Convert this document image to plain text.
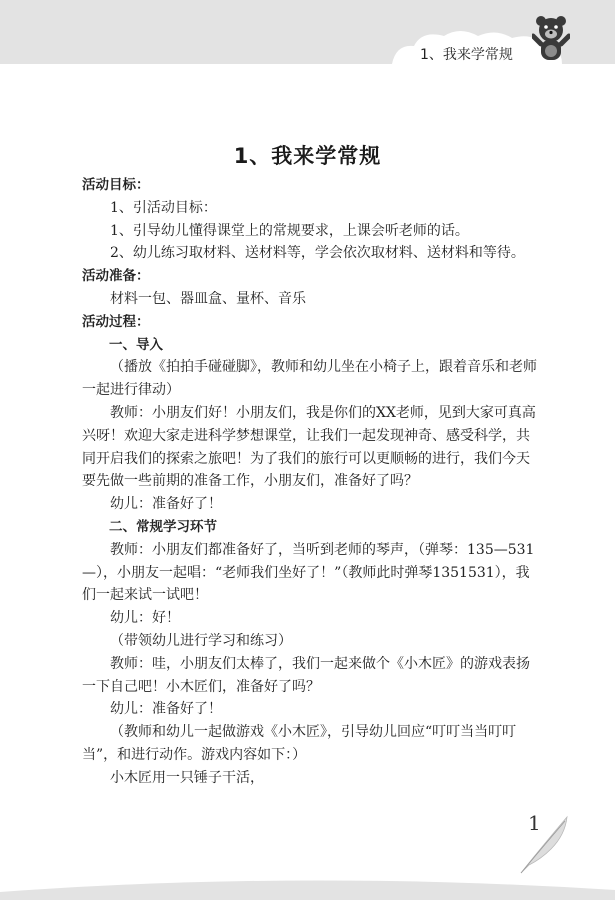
1、我来学常规
1、我来学常规

活动目标：

1、引活动目标：

1、引导幼儿懂得课堂上的常规要求，上课会听老师的话。

2、幼儿练习取材料、送材料等，学会依次取材料、送材料和等待。

活动准备：

材料一包、器皿盒、量杯、音乐

活动过程：

一、导入

（播放《拍拍手碰碰脚》，教师和幼儿坐在小椅子上，跟着音乐和老师一起进行律动）

教师：小朋友们好！小朋友们，我是你们的XX老师，见到大家可真高兴呀！欢迎大家走进科学梦想课堂，让我们一起发现神奇、感受科学，共同开启我们的探索之旅吧！为了我们的旅行可以更顺畅的进行，我们今天要先做一些前期的准备工作，小朋友们，准备好了吗？

幼儿：准备好了！

二、常规学习环节

教师：小朋友们都准备好了，当听到老师的琴声，（弹琴：135—531—），小朋友一起唱：“老师我们坐好了！”（教师此时弹琴1351531），我们一起来试一试吧！

幼儿：好！

（带领幼儿进行学习和练习）

教师：哇，小朋友们太棒了，我们一起来做个《小木匠》的游戏表扬一下自己吧！小木匠们，准备好了吗？

幼儿：准备好了！

（教师和幼儿一起做游戏《小木匠》，引导幼儿回应“叮叮当当叮叮当”，和进行动作。游戏内容如下：）

小木匠用一只锤子干活，

1
